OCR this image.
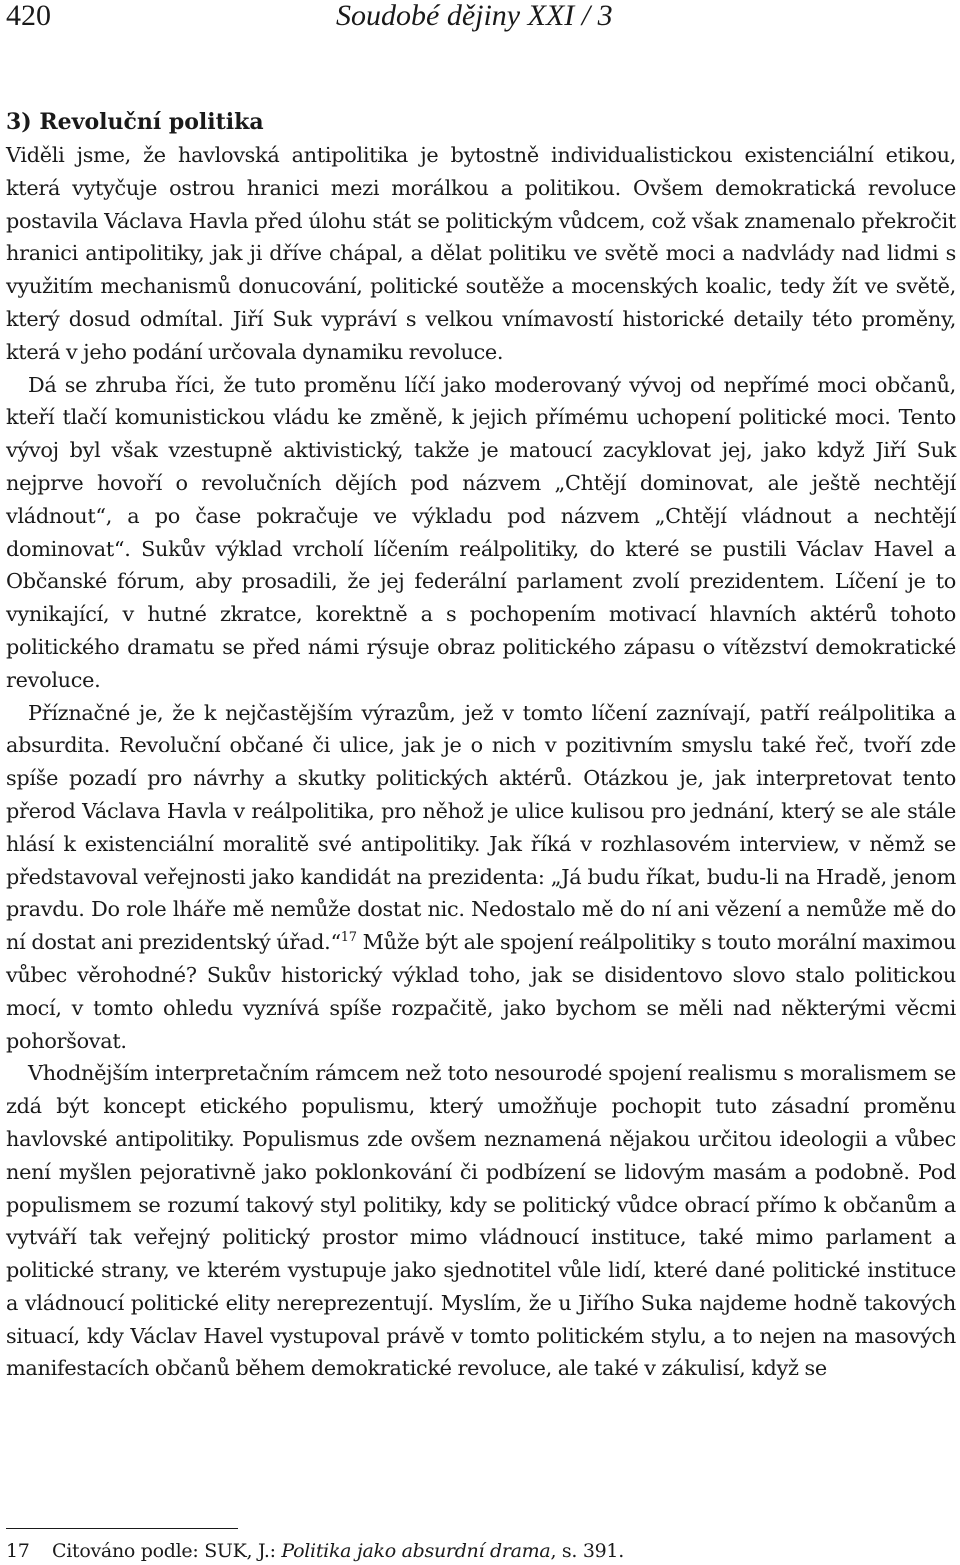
420	Soudobé dějiny XXI / 3
3) Revoluční politika

Viděli jsme, že havlovská antipolitika je bytostně individualistickou existenciální etikou, která vytyčuje ostrou hranici mezi morálkou a politikou. Ovšem demokratická revoluce postavila Václava Havla před úlohu stát se politickým vůdcem, což však znamenalo překročit hranici antipolitiky, jak ji dříve chápal, a dělat politiku ve světě moci a nadvlády nad lidmi s využitím mechanismů donucování, politické soutěže a mocenských koalic, tedy žít ve světě, který dosud odmítal. Jiří Suk vypráví s velkou vnímavostí historické detaily této proměny, která v jeho podání určovala dynamiku revoluce.

Dá se zhruba říci, že tuto proměnu líčí jako moderovaný vývoj od nepřímé moci občanů, kteří tlačí komunistickou vládu ke změně, k jejich přímému uchopení politické moci. Tento vývoj byl však vzestupně aktivistický, takže je matoucí zacyklovat jej, jako když Jiří Suk nejprve hovoří o revolučních dějích pod názvem „Chtějí dominovat, ale ještě nechtějí vládnout“, a po čase pokračuje ve výkladu pod názvem „Chtějí vládnout a nechtějí dominovat“. Sukův výklad vrcholí líčením reálpolitiky, do které se pustili Václav Havel a Občanské fórum, aby prosadili, že jej federální parlament zvolí prezidentem. Líčení je to vynikající, v hutné zkratce, korektně a s pochopením motivací hlavních aktérů tohoto politického dramatu se před námi rýsuje obraz politického zápasu o vítězství demokratické revoluce.

Příznačné je, že k nejčastějším výrazům, jež v tomto líčení zaznívají, patří reálpolitika a absurdita. Revoluční občané či ulice, jak je o nich v pozitivním smyslu také řeč, tvoří zde spíše pozadí pro návrhy a skutky politických aktérů. Otázkou je, jak interpretovat tento přerod Václava Havla v reálpolitika, pro něhož je ulice kulisou pro jednání, který se ale stále hlásí k existenciální moralitě své antipolitiky. Jak říká v rozhlasovém interview, v němž se představoval veřejnosti jako kandidát na prezidenta: „Já budu říkat, budu-li na Hradě, jenom pravdu. Do role lháře mě nemůže dostat nic. Nedostalo mě do ní ani vězení a nemůže mě do ní dostat ani prezidentský úřad.“$^{17}$ Může být ale spojení reálpolitiky s touto morální maximou vůbec věrohodné? Sukův historický výklad toho, jak se disidentovo slovo stalo politickou mocí, v tomto ohledu vyznívá spíše rozpačitě, jako bychom se měli nad některými věcmi pohoršovat.

Vhodnějším interpretačním rámcem než toto nesourodé spojení realismu s moralismem se zdá být koncept etického populismu, který umožňuje pochopit tuto zásadní proměnu havlovské antipolitiky. Populismus zde ovšem neznamená nějakou určitou ideologii a vůbec není myšlen pejorativně jako poklonkování či podbízení se lidovým masám a podobně. Pod populismem se rozumí takový styl politiky, kdy se politický vůdce obrací přímo k občanům a vytváří tak veřejný politický prostor mimo vládnoucí instituce, také mimo parlament a politické strany, ve kterém vystupuje jako sjednotitel vůle lidí, které dané politické instituce a vládnoucí politické elity nereprezentují. Myslím, že u Jiřího Suka najdeme hodně takových situací, kdy Václav Havel vystupoval právě v tomto politickém stylu, a to nejen na masových manifestacích občanů během demokratické revoluce, ale také v zákulisí, když se

17 Citováno podle: SUK, J.: Politika jako absurdní drama, s. 391.
